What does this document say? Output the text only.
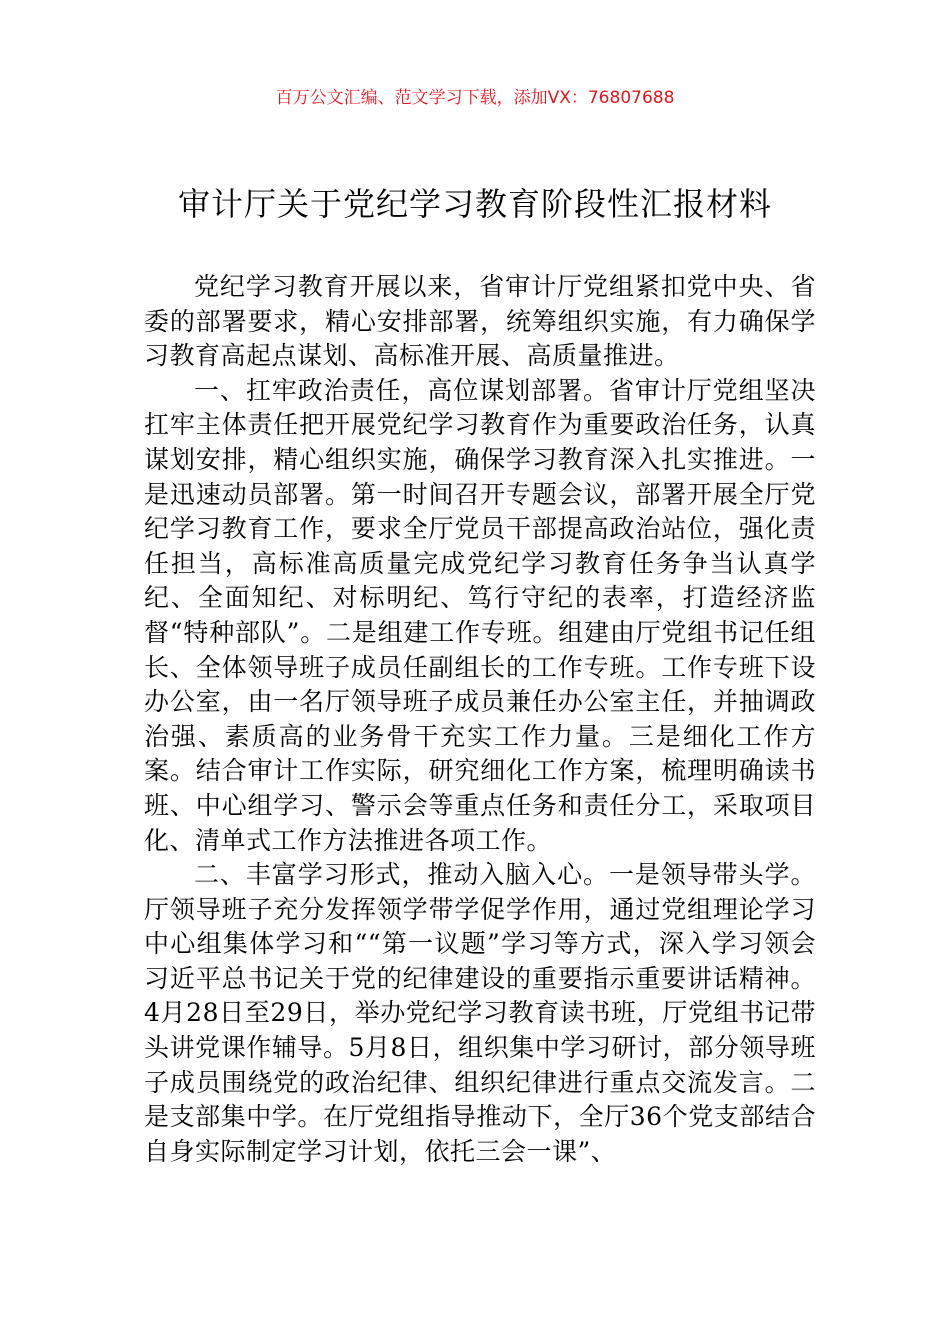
百万公文汇编、范文学习下载，添加VX：76807688
审计厅关于党纪学习教育阶段性汇报材料

党纪学习教育开展以来，省审计厅党组紧扣党中央、省委的部署要求，精心安排部署，统筹组织实施，有力确保学习教育高起点谋划、高标准开展、高质量推进。

一、扛牢政治责任，高位谋划部署。省审计厅党组坚决扛牢主体责任把开展党纪学习教育作为重要政治任务，认真谋划安排，精心组织实施，确保学习教育深入扎实推进。一是迅速动员部署。第一时间召开专题会议，部署开展全厅党纪学习教育工作，要求全厅党员干部提高政治站位，强化责任担当，高标准高质量完成党纪学习教育任务争当认真学纪、全面知纪、对标明纪、笃行守纪的表率，打造经济监督“特种部队”。二是组建工作专班。组建由厅党组书记任组长、全体领导班子成员任副组长的工作专班。工作专班下设办公室，由一名厅领导班子成员兼任办公室主任，并抽调政治强、素质高的业务骨干充实工作力量。三是细化工作方案。结合审计工作实际，研究细化工作方案，梳理明确读书班、中心组学习、警示会等重点任务和责任分工，采取项目化、清单式工作方法推进各项工作。

二、丰富学习形式，推动入脑入心。一是领导带头学。厅领导班子充分发挥领学带学促学作用，通过党组理论学习中心组集体学习和““第一议题”学习等方式，深入学习领会习近平总书记关于党的纪律建设的重要指示重要讲话精神。4月28日至29日，举办党纪学习教育读书班，厅党组书记带头讲党课作辅导。5月8日，组织集中学习研讨，部分领导班子成员围绕党的政治纪律、组织纪律进行重点交流发言。二是支部集中学。在厅党组指导推动下，全厅36个党支部结合自身实际制定学习计划，依托三会一课”、
